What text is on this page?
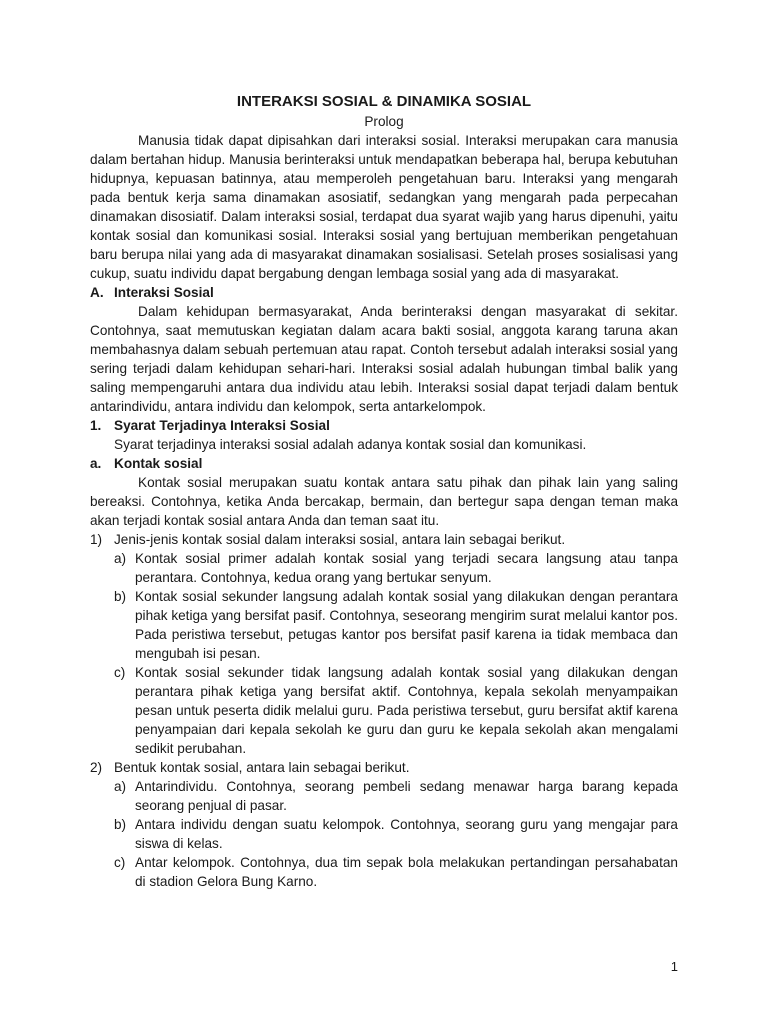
INTERAKSI SOSIAL & DINAMIKA SOSIAL
Prolog

Manusia tidak dapat dipisahkan dari interaksi sosial. Interaksi merupakan cara manusia dalam bertahan hidup. Manusia berinteraksi untuk mendapatkan beberapa hal, berupa kebutuhan hidupnya, kepuasan batinnya, atau memperoleh pengetahuan baru. Interaksi yang mengarah pada bentuk kerja sama dinamakan asosiatif, sedangkan yang mengarah pada perpecahan dinamakan disosiatif. Dalam interaksi sosial, terdapat dua syarat wajib yang harus dipenuhi, yaitu kontak sosial dan komunikasi sosial. Interaksi sosial yang bertujuan memberikan pengetahuan baru berupa nilai yang ada di masyarakat dinamakan sosialisasi. Setelah proses sosialisasi yang cukup, suatu individu dapat bergabung dengan lembaga sosial yang ada di masyarakat.

A. Interaksi Sosial

Dalam kehidupan bermasyarakat, Anda berinteraksi dengan masyarakat di sekitar. Contohnya, saat memutuskan kegiatan dalam acara bakti sosial, anggota karang taruna akan membahasnya dalam sebuah pertemuan atau rapat. Contoh tersebut adalah interaksi sosial yang sering terjadi dalam kehidupan sehari-hari. Interaksi sosial adalah hubungan timbal balik yang saling mempengaruhi antara dua individu atau lebih. Interaksi sosial dapat terjadi dalam bentuk antarindividu, antara individu dan kelompok, serta antarkelompok.

1. Syarat Terjadinya Interaksi Sosial

Syarat terjadinya interaksi sosial adalah adanya kontak sosial dan komunikasi.

a. Kontak sosial

Kontak sosial merupakan suatu kontak antara satu pihak dan pihak lain yang saling bereaksi. Contohnya, ketika Anda bercakap, bermain, dan bertegur sapa dengan teman maka akan terjadi kontak sosial antara Anda dan teman saat itu.

1) Jenis-jenis kontak sosial dalam interaksi sosial, antara lain sebagai berikut.
a) Kontak sosial primer adalah kontak sosial yang terjadi secara langsung atau tanpa perantara. Contohnya, kedua orang yang bertukar senyum.
b) Kontak sosial sekunder langsung adalah kontak sosial yang dilakukan dengan perantara pihak ketiga yang bersifat pasif. Contohnya, seseorang mengirim surat melalui kantor pos. Pada peristiwa tersebut, petugas kantor pos bersifat pasif karena ia tidak membaca dan mengubah isi pesan.
c) Kontak sosial sekunder tidak langsung adalah kontak sosial yang dilakukan dengan perantara pihak ketiga yang bersifat aktif. Contohnya, kepala sekolah menyampaikan pesan untuk peserta didik melalui guru. Pada peristiwa tersebut, guru bersifat aktif karena penyampaian dari kepala sekolah ke guru dan guru ke kepala sekolah akan mengalami sedikit perubahan.
2) Bentuk kontak sosial, antara lain sebagai berikut.
a) Antarindividu. Contohnya, seorang pembeli sedang menawar harga barang kepada seorang penjual di pasar.
b) Antara individu dengan suatu kelompok. Contohnya, seorang guru yang mengajar para siswa di kelas.
c) Antar kelompok. Contohnya, dua tim sepak bola melakukan pertandingan persahabatan di stadion Gelora Bung Karno.
1
